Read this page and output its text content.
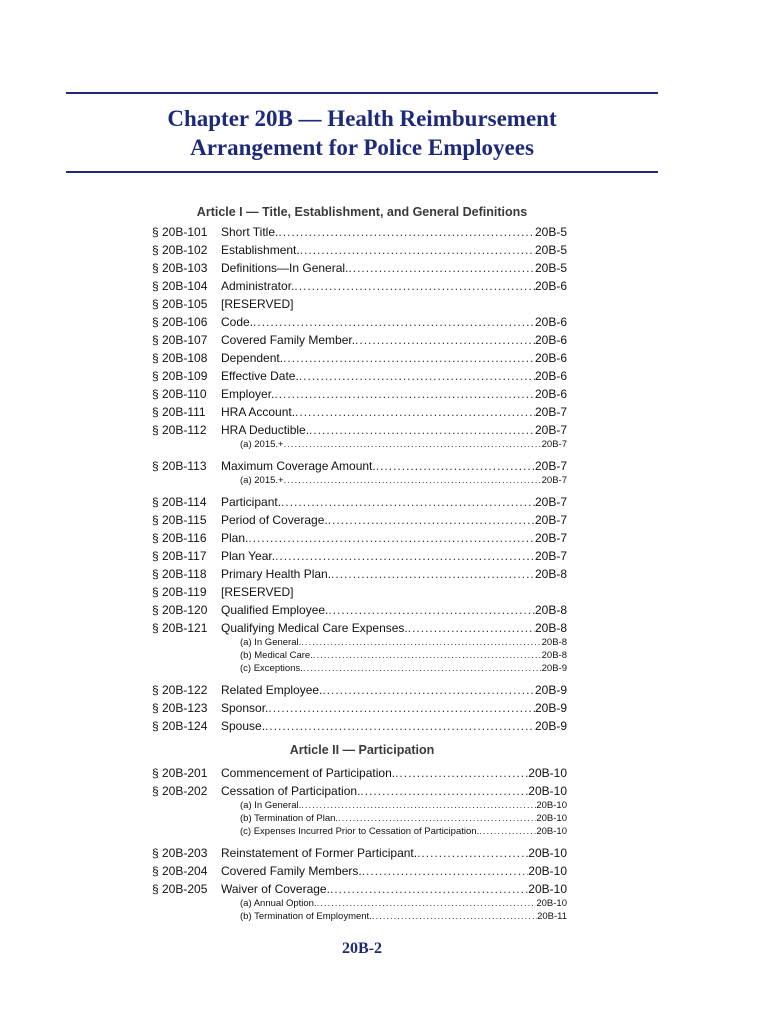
Chapter 20B — Health Reimbursement
Arrangement for Police Employees
Article I — Title, Establishment, and General Definitions
§ 20B-101 Short Title. .....	20B-5
§ 20B-102 Establishment. .....	20B-5
§ 20B-103 Definitions—In General. .....	20B-5
§ 20B-104 Administrator. .....	20B-6
§ 20B-105 [RESERVED]
§ 20B-106 Code. .....	20B-6
§ 20B-107 Covered Family Member. .....	20B-6
§ 20B-108 Dependent. .....	20B-6
§ 20B-109 Effective Date. .....	20B-6
§ 20B-110 Employer. .....	20B-6
§ 20B-111 HRA Account. .....	20B-7
§ 20B-112 HRA Deductible. .....	20B-7
(a) 2015.+ .....	20B-7
§ 20B-113 Maximum Coverage Amount. .....	20B-7
(a) 2015.+ .....	20B-7
§ 20B-114 Participant. .....	20B-7
§ 20B-115 Period of Coverage. .....	20B-7
§ 20B-116 Plan. .....	20B-7
§ 20B-117 Plan Year. .....	20B-7
§ 20B-118 Primary Health Plan. .....	20B-8
§ 20B-119 [RESERVED]
§ 20B-120 Qualified Employee. .....	20B-8
§ 20B-121 Qualifying Medical Care Expenses. .....	20B-8
(a) In General. .....	20B-8
(b) Medical Care. .....	20B-8
(c) Exceptions. .....	20B-9
§ 20B-122 Related Employee. .....	20B-9
§ 20B-123 Sponsor. .....	20B-9
§ 20B-124 Spouse. .....	20B-9
Article II — Participation
§ 20B-201 Commencement of Participation. .....	20B-10
§ 20B-202 Cessation of Participation. .....	20B-10
(a) In General. .....	20B-10
(b) Termination of Plan. .....	20B-10
(c) Expenses Incurred Prior to Cessation of Participation. .....	20B-10
§ 20B-203 Reinstatement of Former Participant. .....	20B-10
§ 20B-204 Covered Family Members. .....	20B-10
§ 20B-205 Waiver of Coverage. .....	20B-10
(a) Annual Option. .....	20B-10
(b) Termination of Employment. .....	20B-11
20B-2
